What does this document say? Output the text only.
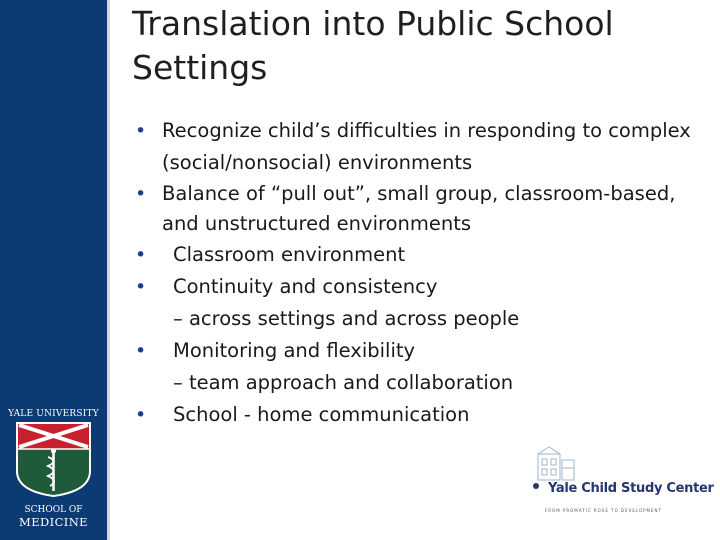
YALE UNIVERSITY
SCHOOL OF
MEDICINE
Translation into Public School Settings
• Recognize child’s difficulties in responding to complex (social/nonsocial) environments
• Balance of “pull out”, small group, classroom-based, and unstructured environments
• Classroom environment
• Continuity and consistency
– across settings and across people
• Monitoring and flexibility
– team approach and collaboration
• School - home communication
Yale Child Study Center
FROM PROMATIC ROSE TO DEVELOPMENT
